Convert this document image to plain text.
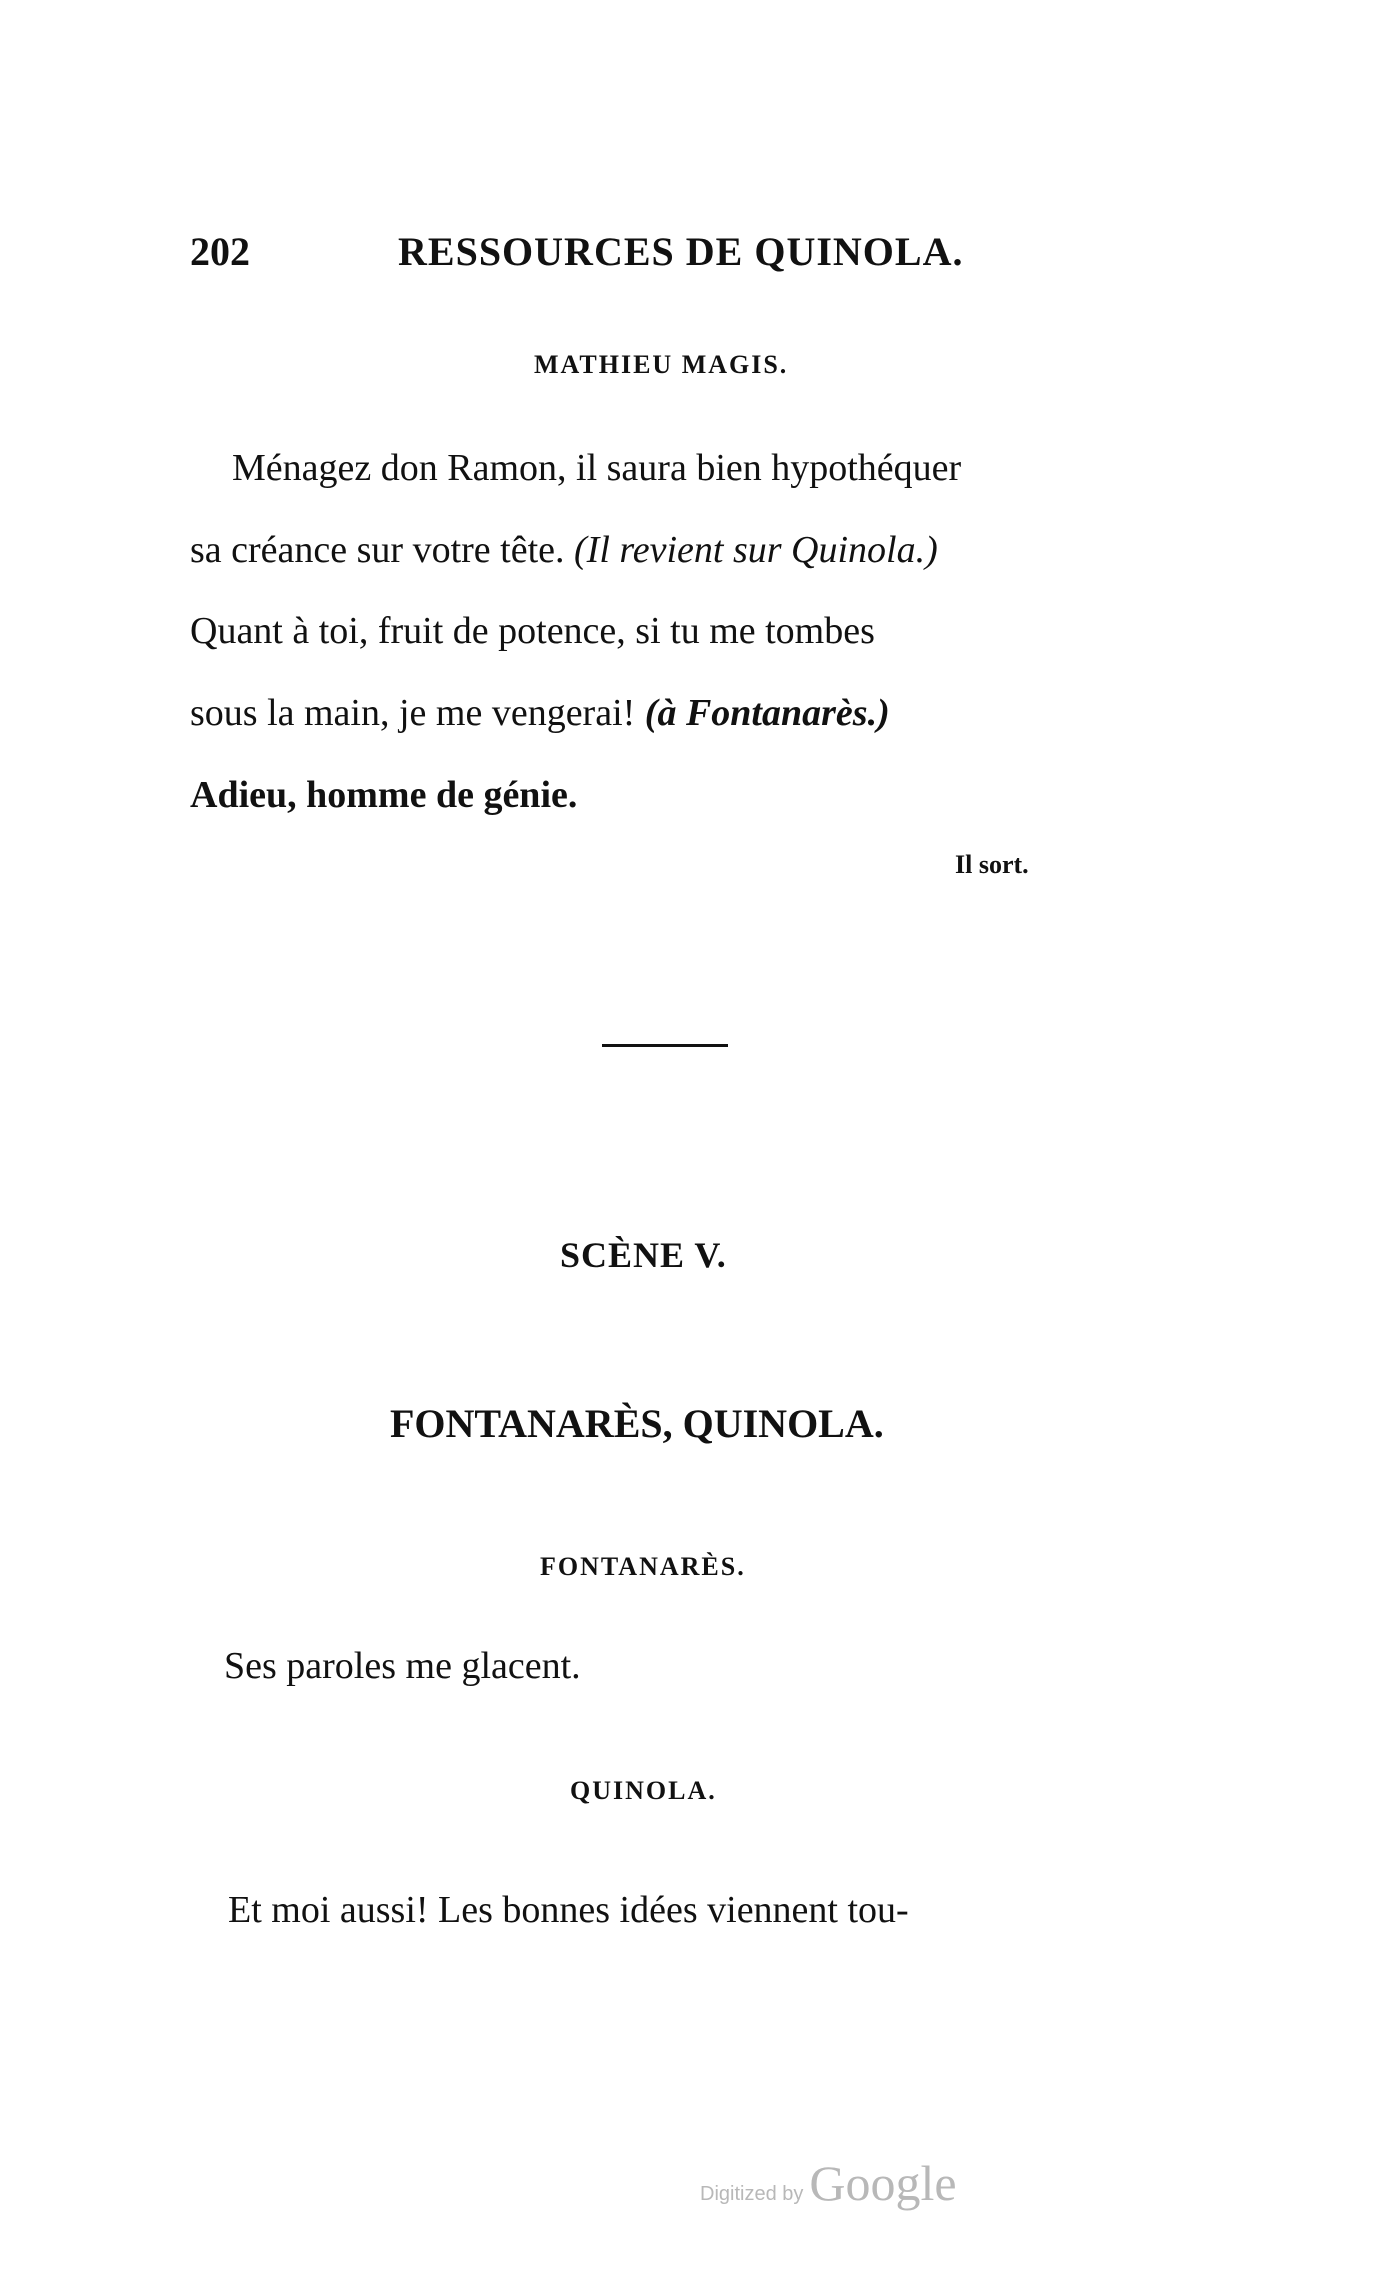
202	RESSOURCES DE QUINOLA.
MATHIEU MAGIS.
Ménagez don Ramon, il saura bien hypothéquer
sa créance sur votre tête. (Il revient sur Quinola.)
Quant à toi, fruit de potence, si tu me tombes
sous la main, je me vengerai! (à Fontanarès.)
Adieu, homme de génie.
Il sort.
SCÈNE V.
FONTANARÈS, QUINOLA.
FONTANARÈS.
Ses paroles me glacent.
QUINOLA.
Et moi aussi! Les bonnes idées viennent tou-
Digitized by Google
